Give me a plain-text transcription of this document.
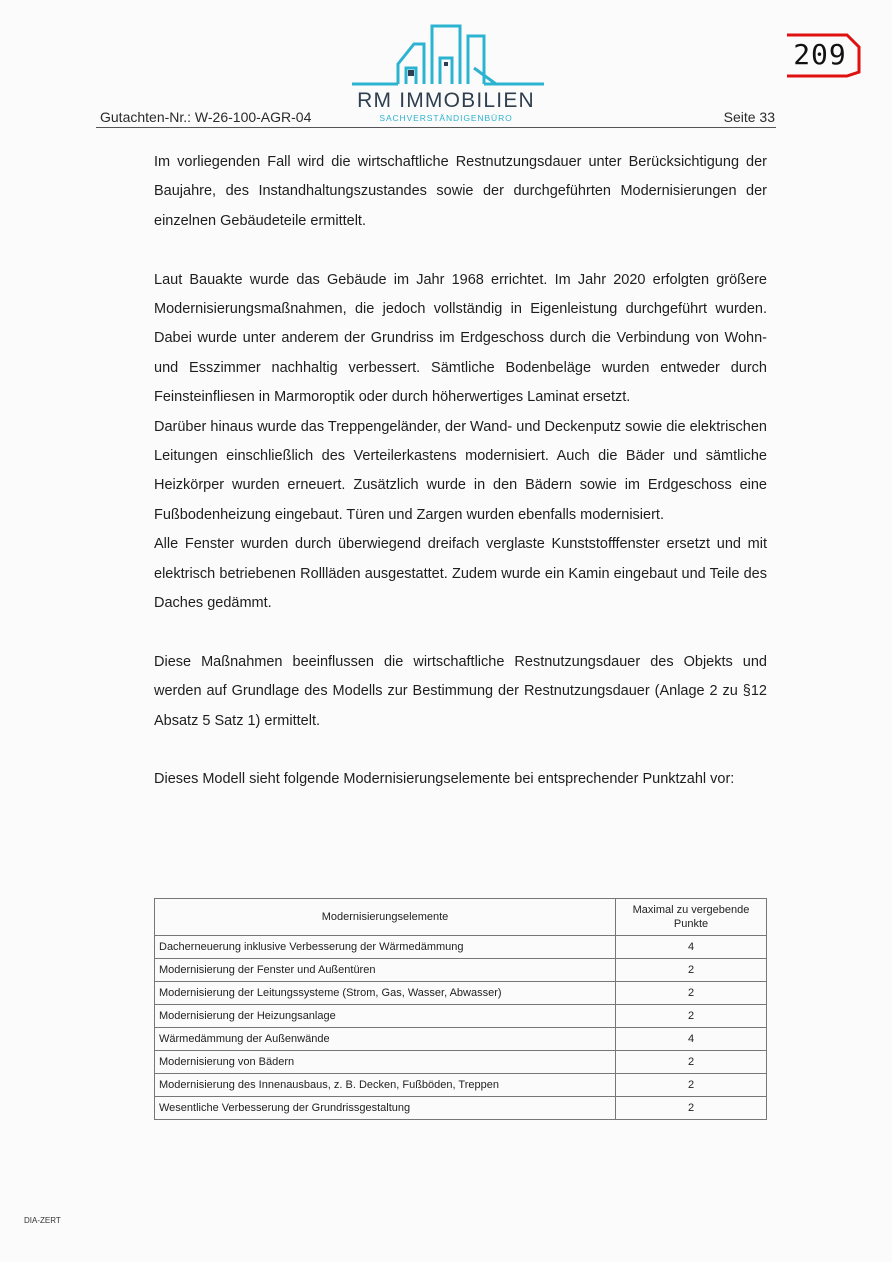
209
RM IMMOBILIEN
SACHVERSTÄNDIGENBÜRO
Gutachten-Nr.: W-26-100-AGR-04	Seite 33

Im vorliegenden Fall wird die wirtschaftliche Restnutzungsdauer unter Berücksichtigung der Baujahre, des Instandhaltungszustandes sowie der durchgeführten Modernisierungen der einzelnen Gebäudeteile ermittelt.

Laut Bauakte wurde das Gebäude im Jahr 1968 errichtet. Im Jahr 2020 erfolgten größere Modernisierungsmaßnahmen, die jedoch vollständig in Eigenleistung durchgeführt wurden. Dabei wurde unter anderem der Grundriss im Erdgeschoss durch die Verbindung von Wohn- und Esszimmer nachhaltig verbessert. Sämtliche Bodenbeläge wurden entweder durch Feinsteinfliesen in Marmoroptik oder durch höherwertiges Laminat ersetzt.

Darüber hinaus wurde das Treppengeländer, der Wand- und Deckenputz sowie die elektrischen Leitungen einschließlich des Verteilerkastens modernisiert. Auch die Bäder und sämtliche Heizkörper wurden erneuert. Zusätzlich wurde in den Bädern sowie im Erdgeschoss eine Fußbodenheizung eingebaut. Türen und Zargen wurden ebenfalls modernisiert.

Alle Fenster wurden durch überwiegend dreifach verglaste Kunststofffenster ersetzt und mit elektrisch betriebenen Rollläden ausgestattet. Zudem wurde ein Kamin eingebaut und Teile des Daches gedämmt.

Diese Maßnahmen beeinflussen die wirtschaftliche Restnutzungsdauer des Objekts und werden auf Grundlage des Modells zur Bestimmung der Restnutzungsdauer (Anlage 2 zu §12 Absatz 5 Satz 1) ermittelt.

Dieses Modell sieht folgende Modernisierungselemente bei entsprechender Punktzahl vor:

Modernisierungselemente	Maximal zu vergebende Punkte
Dacherneuerung inklusive Verbesserung der Wärmedämmung	4
Modernisierung der Fenster und Außentüren	2
Modernisierung der Leitungssysteme (Strom, Gas, Wasser, Abwasser)	2
Modernisierung der Heizungsanlage	2
Wärmedämmung der Außenwände	4
Modernisierung von Bädern	2
Modernisierung des Innenausbaus, z. B. Decken, Fußböden, Treppen	2
Wesentliche Verbesserung der Grundrissgestaltung	2
DIA-ZERT
